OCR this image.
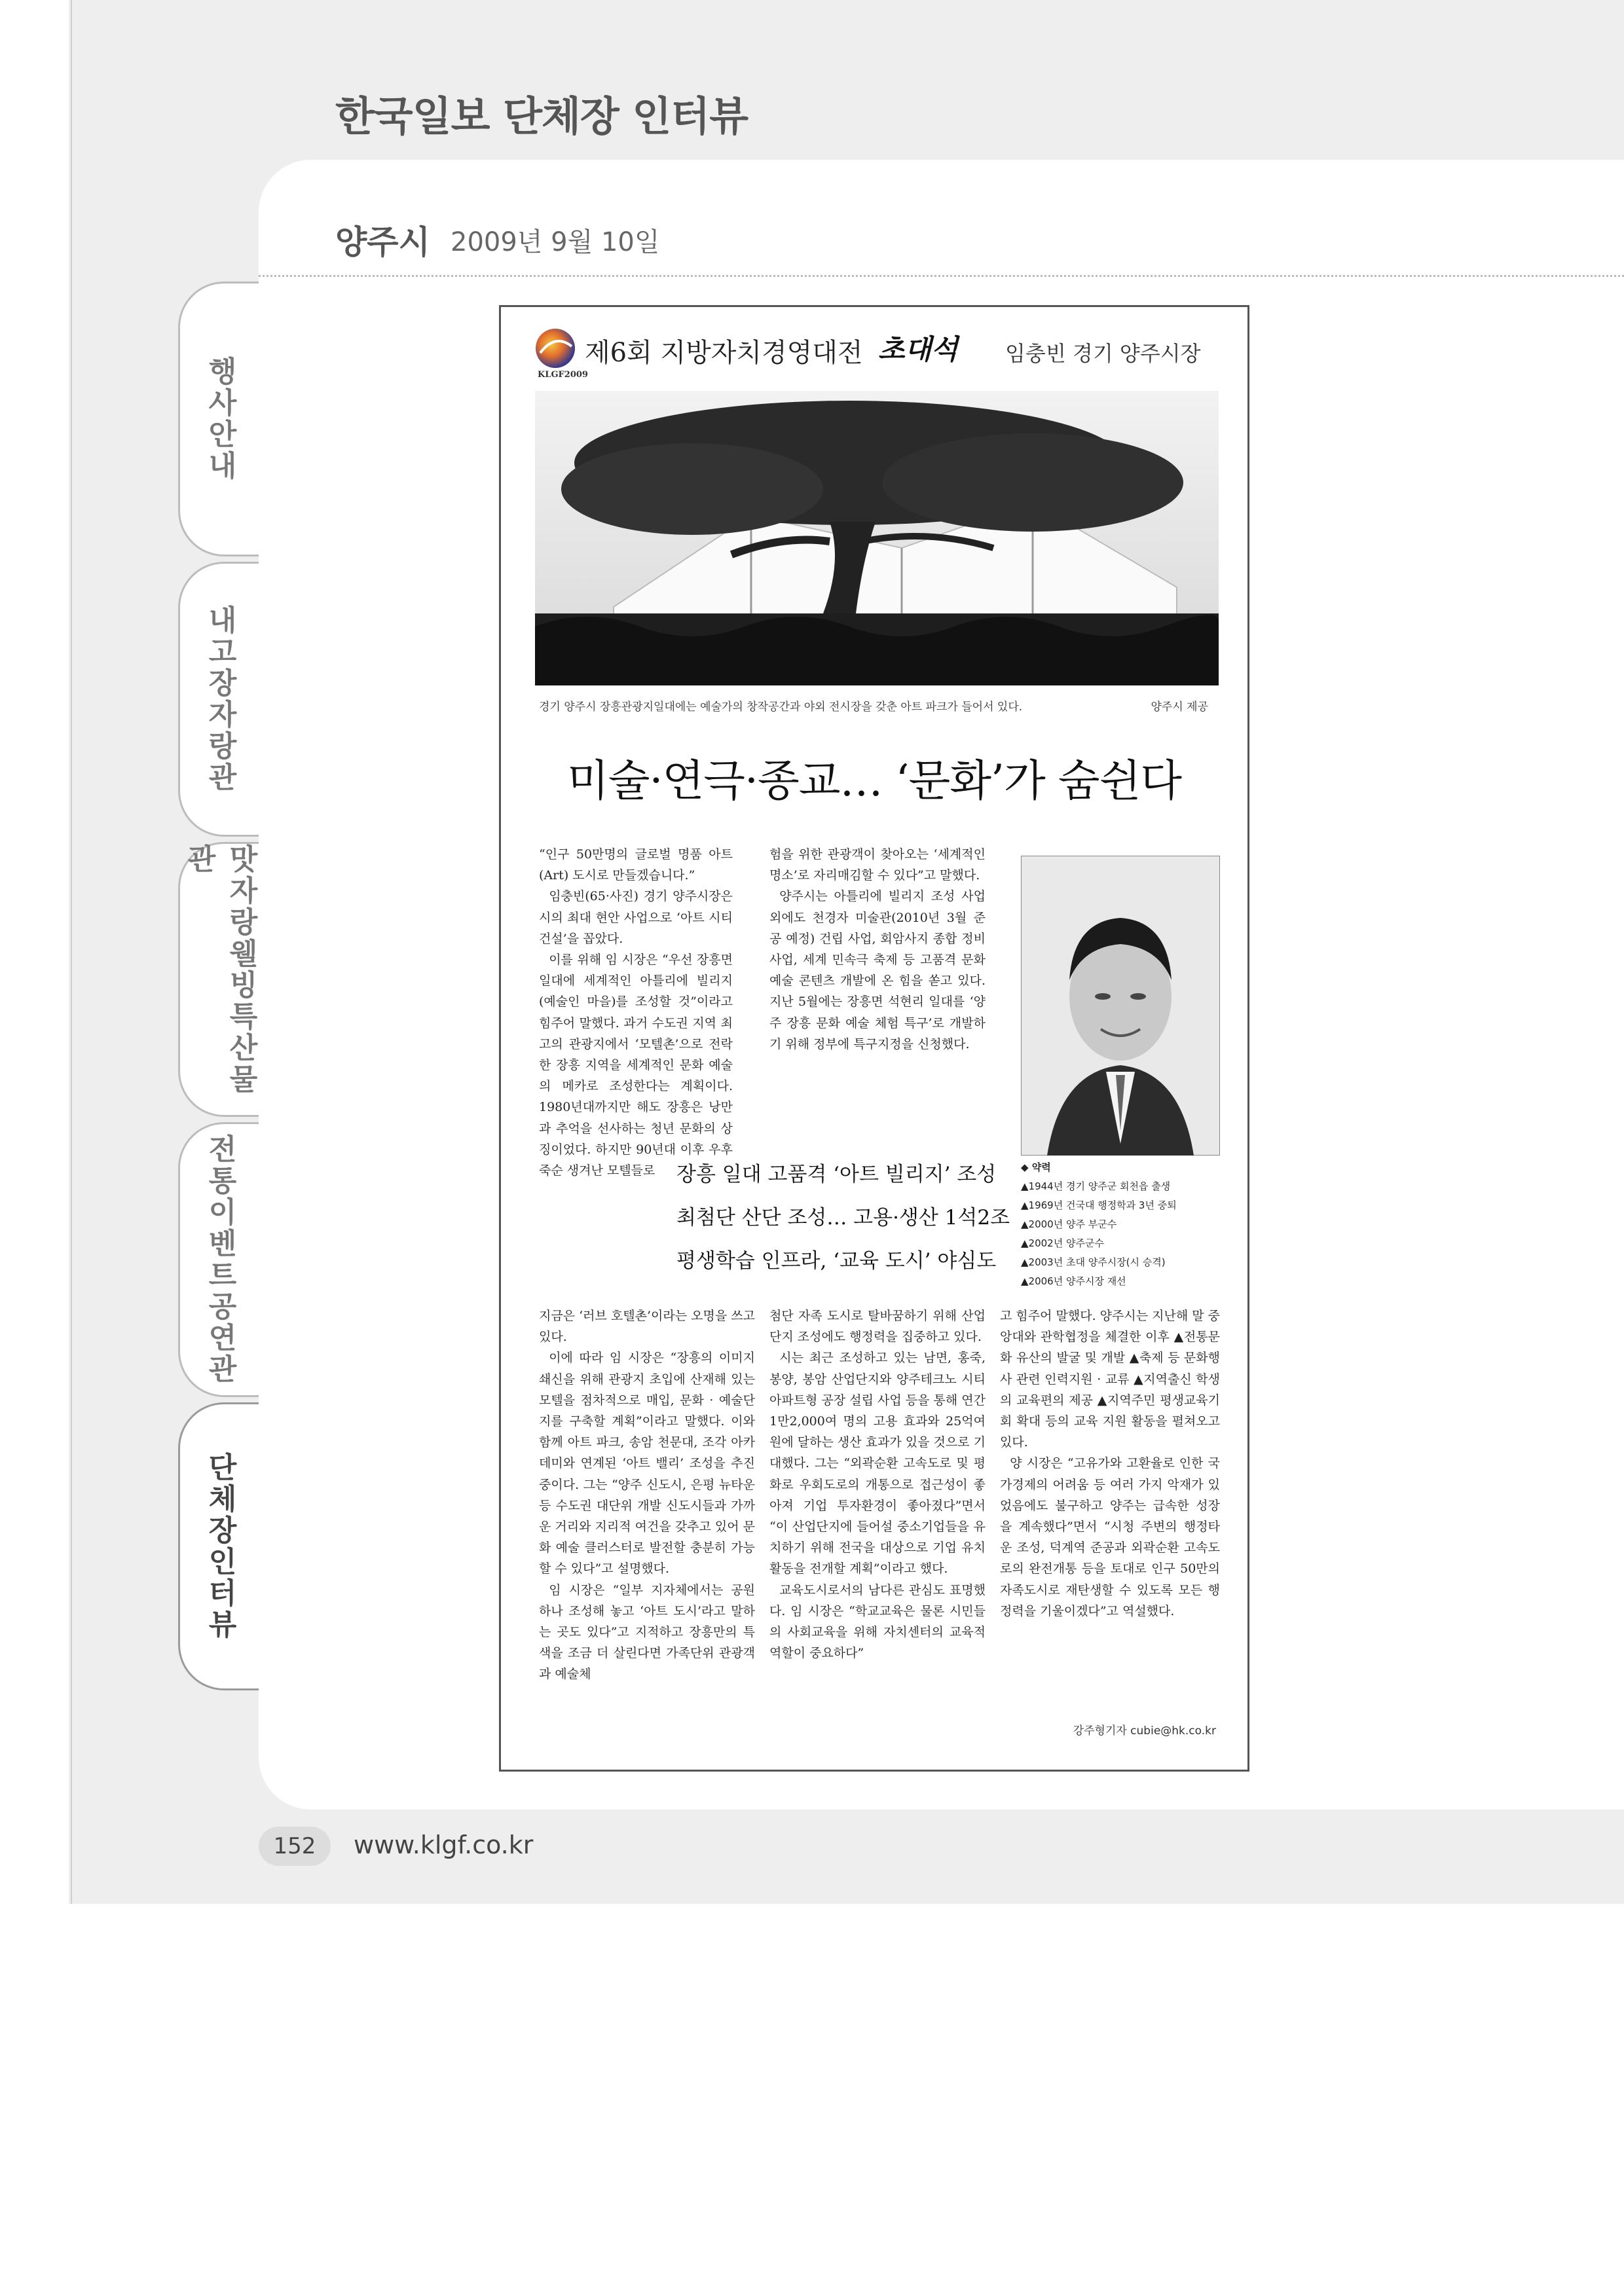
한국일보 단체장 인터뷰
양주시 2009년 9월 10일
행사안내
내고장자랑관
맛자랑웰빙특산물관
전통이벤트공연관
단체장인터뷰
KLGF2009
제6회 지방자치경영대전 초대석 임충빈 경기 양주시장
경기 양주시 장흥관광지일대에는 예술가의 창작공간과 야외 전시장을 갖춘 아트 파크가 들어서 있다.	양주시 제공
미술·연극·종교… ‘문화’가 숨쉰다

“인구 50만명의 글로벌 명품 아트(Art) 도시로 만들겠습니다.”

임충빈(65·사진) 경기 양주시장은 시의 최대 현안 사업으로 ‘아트 시티 건설’을 꼽았다.

이를 위해 임 시장은 “우선 장흥면 일대에 세계적인 아틀리에 빌리지(예술인 마을)를 조성할 것”이라고 힘주어 말했다. 과거 수도권 지역 최고의 관광지에서 ‘모텔촌’으로 전락한 장흥 지역을 세계적인 문화 예술의 메카로 조성한다는 계획이다. 1980년대까지만 해도 장흥은 낭만과 추억을 선사하는 청년 문화의 상징이었다. 하지만 90년대 이후 우후죽순 생겨난 모텔들로

험을 위한 관광객이 찾아오는 ‘세계적인 명소’로 자리매김할 수 있다”고 말했다.

양주시는 아틀리에 빌리지 조성 사업 외에도 천경자 미술관(2010년 3월 준공 예정) 건립 사업, 회암사지 종합 정비 사업, 세계 민속극 축제 등 고품격 문화 예술 콘텐츠 개발에 온 힘을 쏟고 있다. 지난 5월에는 장흥면 석현리 일대를 ‘양주 장흥 문화 예술 체험 특구’로 개발하기 위해 정부에 특구지정을 신청했다.

장흥 일대 고품격 ‘아트 빌리지’ 조성
최첨단 산단 조성… 고용·생산 1석2조
평생학습 인프라, ‘교육 도시’ 야심도
◆ 약력
▲1944년 경기 양주군 회천읍 출생
▲1969년 건국대 행정학과 3년 중퇴
▲2000년 양주 부군수
▲2002년 양주군수
▲2003년 초대 양주시장(시 승격)
▲2006년 양주시장 재선

지금은 ‘러브 호텔촌’이라는 오명을 쓰고 있다.

이에 따라 임 시장은 “장흥의 이미지 쇄신을 위해 관광지 초입에 산재해 있는 모텔을 점차적으로 매입, 문화 · 예술단지를 구축할 계획”이라고 말했다. 이와 함께 아트 파크, 송암 천문대, 조각 아카데미와 연계된 ‘아트 밸리’ 조성을 추진 중이다. 그는 “양주 신도시, 은평 뉴타운 등 수도권 대단위 개발 신도시들과 가까운 거리와 지리적 여건을 갖추고 있어 문화 예술 클러스터로 발전할 충분히 가능할 수 있다”고 설명했다.

임 시장은 “일부 지자체에서는 공원 하나 조성해 놓고 ‘아트 도시’라고 말하는 곳도 있다”고 지적하고 장흥만의 특색을 조금 더 살린다면 가족단위 관광객과 예술체

첨단 자족 도시로 탈바꿈하기 위해 산업 단지 조성에도 행정력을 집중하고 있다.

시는 최근 조성하고 있는 남면, 홍죽, 봉양, 봉암 산업단지와 양주테크노 시티 아파트형 공장 설립 사업 등을 통해 연간 1만2,000여 명의 고용 효과와 25억여원에 달하는 생산 효과가 있을 것으로 기대했다. 그는 “외곽순환 고속도로 및 평화로 우회도로의 개통으로 접근성이 좋아져 기업 투자환경이 좋아졌다”면서 “이 산업단지에 들어설 중소기업들을 유치하기 위해 전국을 대상으로 기업 유치 활동을 전개할 계획”이라고 했다.

교육도시로서의 남다른 관심도 표명했다. 임 시장은 “학교교육은 물론 시민들의 사회교육을 위해 자치센터의 교육적 역할이 중요하다”

고 힘주어 말했다. 양주시는 지난해 말 중앙대와 관학협정을 체결한 이후 ▲전통문화 유산의 발굴 및 개발 ▲축제 등 문화행사 관련 인력지원 · 교류 ▲지역출신 학생의 교육편의 제공 ▲지역주민 평생교육기회 확대 등의 교육 지원 활동을 펼쳐오고 있다.

양 시장은 “고유가와 고환율로 인한 국가경제의 어려움 등 여러 가지 악재가 있었음에도 불구하고 양주는 급속한 성장을 계속했다”면서 “시청 주변의 행정타운 조성, 덕계역 준공과 외곽순환 고속도로의 완전개통 등을 토대로 인구 50만의 자족도시로 재탄생할 수 있도록 모든 행정력을 기울이겠다”고 역설했다.

강주형기자 cubie@hk.co.kr
152	www.klgf.co.kr
